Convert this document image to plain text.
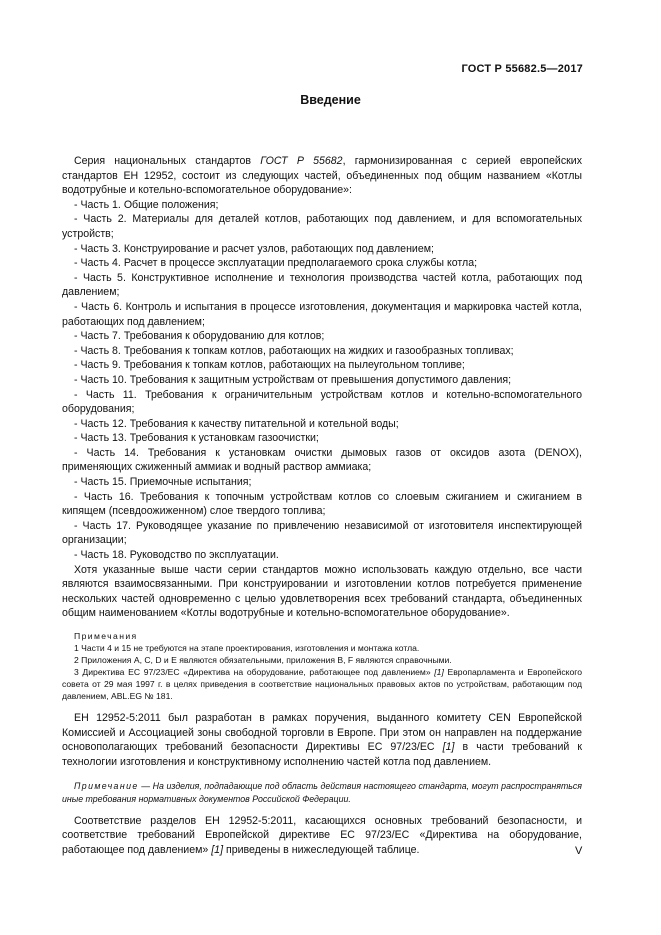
ГОСТ Р 55682.5—2017
Введение

Серия национальных стандартов ГОСТ Р 55682, гармонизированная с серией европейских стандартов ЕН 12952, состоит из следующих частей, объединенных под общим названием «Котлы водотрубные и котельно-вспомогательное оборудование»:

- Часть 1. Общие положения;

- Часть 2. Материалы для деталей котлов, работающих под давлением, и для вспомогательных устройств;

- Часть 3. Конструирование и расчет узлов, работающих под давлением;

- Часть 4. Расчет в процессе эксплуатации предполагаемого срока службы котла;

- Часть 5. Конструктивное исполнение и технология производства частей котла, работающих под давлением;

- Часть 6. Контроль и испытания в процессе изготовления, документация и маркировка частей котла, работающих под давлением;

- Часть 7. Требования к оборудованию для котлов;

- Часть 8. Требования к топкам котлов, работающих на жидких и газообразных топливах;

- Часть 9. Требования к топкам котлов, работающих на пылеугольном топливе;

- Часть 10. Требования к защитным устройствам от превышения допустимого давления;

- Часть 11. Требования к ограничительным устройствам котлов и котельно-вспомогательного оборудования;

- Часть 12. Требования к качеству питательной и котельной воды;

- Часть 13. Требования к установкам газоочистки;

- Часть 14. Требования к установкам очистки дымовых газов от оксидов азота (DENOX), применяющих сжиженный аммиак и водный раствор аммиака;

- Часть 15. Приемочные испытания;

- Часть 16. Требования к топочным устройствам котлов со слоевым сжиганием и сжиганием в кипящем (псевдоожиженном) слое твердого топлива;

- Часть 17. Руководящее указание по привлечению независимой от изготовителя инспектирующей организации;

- Часть 18. Руководство по эксплуатации.

Хотя указанные выше части серии стандартов можно использовать каждую отдельно, все части являются взаимосвязанными. При конструировании и изготовлении котлов потребуется применение нескольких частей одновременно с целью удовлетворения всех требований стандарта, объединенных общим наименованием «Котлы водотрубные и котельно-вспомогательное оборудование».

Примечания

1 Части 4 и 15 не требуются на этапе проектирования, изготовления и монтажа котла.

2 Приложения A, C, D и E являются обязательными, приложения B, F являются справочными.

3 Директива ЕС 97/23/ЕС «Директива на оборудование, работающее под давлением» [1] Европарламента и Европейского совета от 29 мая 1997 г. в целях приведения в соответствие национальных правовых актов по устройствам, работающим под давлением, ABL.EG № 181.

ЕН 12952-5:2011 был разработан в рамках поручения, выданного комитету CEN Европейской Комиссией и Ассоциацией зоны свободной торговли в Европе. При этом он направлен на поддержание основополагающих требований безопасности Директивы ЕС 97/23/ЕС [1] в части требований к технологии изготовления и конструктивному исполнению частей котла под давлением.

Примечание — На изделия, подпадающие под область действия настоящего стандарта, могут распространяться иные требования нормативных документов Российской Федерации.

Соответствие разделов ЕН 12952-5:2011, касающихся основных требований безопасности, и соответствие требований Европейской директиве ЕС 97/23/ЕС «Директива на оборудование, работающее под давлением» [1] приведены в нижеследующей таблице.	V
